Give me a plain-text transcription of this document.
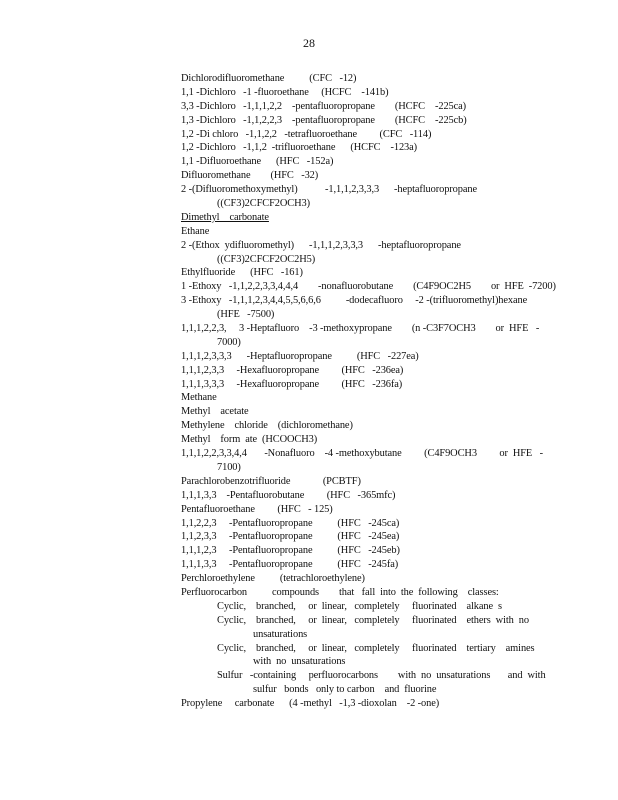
28
Dichlorodifluoromethane          (CFC   -12)
1,1 -Dichloro   -1 -fluoroethane     (HCFC    -141b)
3,3 -Dichloro   -1,1,1,2,2    -pentafluoropropane        (HCFC    -225ca)
1,3 -Dichloro   -1,1,2,2,3    -pentafluoropropane        (HCFC    -225cb)
1,2 -Di chloro   -1,1,2,2   -tetrafluoroethane         (CFC   -114)
1,2 -Dichloro   -1,1,2  -trifluoroethane      (HCFC    -123a)
1,1 -Difluoroethane      (HFC   -152a)
Difluoromethane        (HFC   -32)
2 -(Difluoromethoxymethyl)           -1,1,1,2,3,3,3      -heptafluoropropane
((CF3)2CFCF2OCH3)
Dimethyl    carbonate
Ethane
2 -(Ethox  ydifluoromethyl)      -1,1,1,2,3,3,3      -heptafluoropropane
((CF3)2CFCF2OC2H5)
Ethylfluoride      (HFC   -161)
1 -Ethoxy   -1,1,2,2,3,3,4,4,4        -nonafluorobutane        (C4F9OC2H5        or  HFE  -7200)
3 -Ethoxy   -1,1,1,2,3,4,4,5,5,6,6,6          -dodecafluoro     -2 -(trifluoromethyl)hexane
(HFE   -7500)
1,1,1,2,2,3,     3 -Heptafluoro    -3 -methoxypropane        (n -C3F7OCH3        or  HFE   -
7000)
1,1,1,2,3,3,3      -Heptafluoropropane          (HFC   -227ea)
1,1,1,2,3,3     -Hexafluoropropane         (HFC   -236ea)
1,1,1,3,3,3     -Hexafluoropropane         (HFC   -236fa)
Methane
Methyl    acetate
Methylene    chloride    (dichloromethane)
Methyl    form  ate  (HCOOCH3)
1,1,1,2,2,3,3,4,4       -Nonafluoro    -4 -methoxybutane         (C4F9OCH3         or  HFE   -
7100)
Parachlorobenzotrifluoride             (PCBTF)
1,1,1,3,3    -Pentafluorobutane         (HFC   -365mfc)
Pentafluoroethane         (HFC   - 125)
1,1,2,2,3     -Pentafluoropropane          (HFC   -245ca)
1,1,2,3,3     -Pentafluoropropane          (HFC   -245ea)
1,1,1,2,3     -Pentafluoropropane          (HFC   -245eb)
1,1,1,3,3     -Pentafluoropropane          (HFC   -245fa)
Perchloroethylene          (tetrachloroethylene)
Perfluorocarbon          compounds        that   fall  into  the  following    classes:
Cyclic,    branched,     or  linear,   completely     fluorinated    alkane  s
Cyclic,    branched,     or  linear,   completely     fluorinated    ethers  with  no
unsaturations
Cyclic,    branched,     or  linear,   completely     fluorinated    tertiary    amines
with  no  unsaturations
Sulfur   -containing     perfluorocarbons        with  no  unsaturations       and  with
sulfur   bonds   only to carbon    and  fluorine
Propylene     carbonate      (4 -methyl   -1,3 -dioxolan    -2 -one)
